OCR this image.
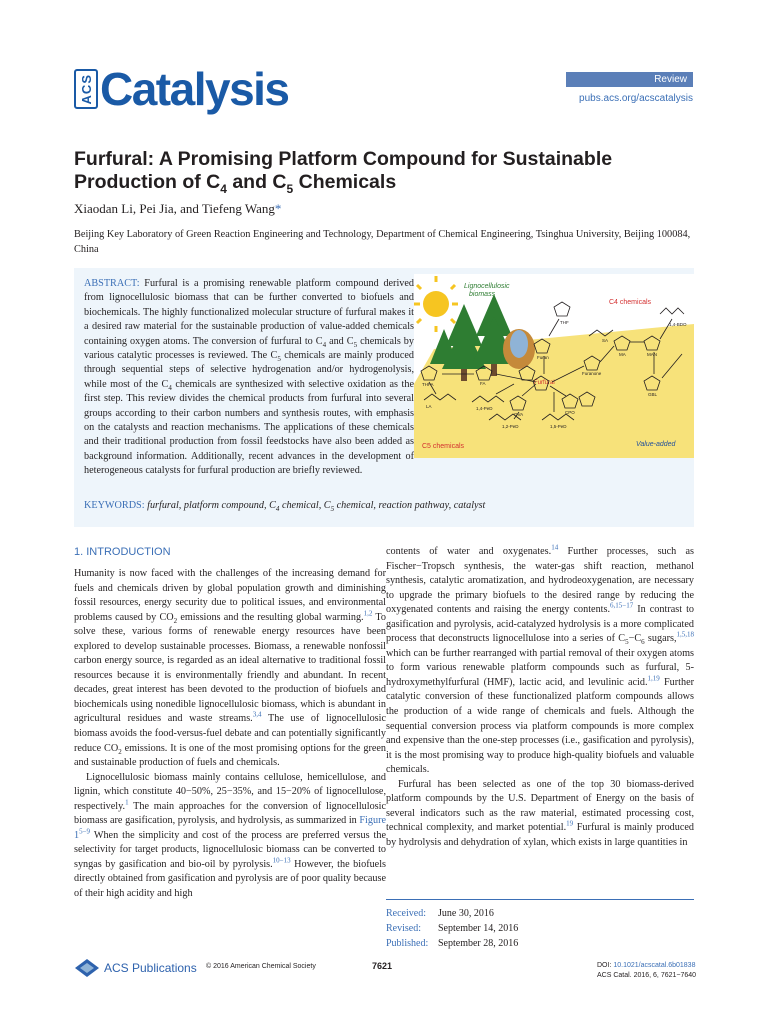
ACS Catalysis	Review
pubs.acs.org/acscatalysis
Furfural: A Promising Platform Compound for Sustainable
Production of $C_4$ and $C_5$ Chemicals
Xiaodan Li, Pei Jia, and Tiefeng Wang*
Beijing Key Laboratory of Green Reaction Engineering and Technology, Department of Chemical Engineering, Tsinghua University, Beijing 100084, China
Lignocellulosic
biomass
C4 chemicals
C5 chemicals	Value-added
Furfural
THF
Furan
SA
MA	MAN
1,4-BDO
GBL
Furanone
THFA	FA
LA
GVA	CPO
1,4-PeD
1,2-PeD	1,5-PeD
ABSTRACT: Furfural is a promising renewable platform compound derived from lignocellulosic biomass that can be further converted to biofuels and biochemicals. The highly functionalized molecular structure of furfural makes it a desired raw material for the sustainable production of value-added chemicals containing oxygen atoms. The conversion of furfural to $C_4$ and $C_5$ chemicals by various catalytic processes is reviewed. The $C_5$ chemicals are mainly produced through sequential steps of selective hydrogenation and/or hydrogenolysis, while most of the $C_4$ chemicals are synthesized with selective oxidation as the first step. This review divides the chemical products from furfural into several groups according to their carbon numbers and synthesis routes, with emphasis on the catalysts and reaction mechanisms. The applications of these chemicals and their traditional production from fossil feedstocks have also been added as background information. Additionally, recent advances in the development of heterogeneous catalysts for furfural production are briefly reviewed.
KEYWORDS: furfural, platform compound, $C_4$ chemical, $C_5$ chemical, reaction pathway, catalyst
1. INTRODUCTION

Humanity is now faced with the challenges of the increasing demand for fuels and chemicals driven by global population growth and diminishing fossil resources, energy security due to political issues, and environmental problems caused by $CO_2$ emissions and the resulting global warming.$^{1,2}$ To solve these, various forms of renewable energy resources have been explored to develop sustainable processes. Biomass, a renewable nonfossil carbon energy source, is regarded as an ideal alternative to traditional fossil resources because it is environmentally friendly and abundant. In recent decades, great interest has been devoted to the production of biofuels and biochemicals using nonedible lignocellulosic biomass, which is abundant in agricultural residues and waste streams.$^{3,4}$ The use of lignocellulosic biomass avoids the food-versus-fuel debate and can potentially significantly reduce $CO_2$ emissions. It is one of the most promising options for the green and sustainable production of fuels and chemicals.

Lignocellulosic biomass mainly contains cellulose, hemicellulose, and lignin, which constitute 40−50%, 25−35%, and 15−20% of lignocellulose, respectively.$^1$ The main approaches for the conversion of lignocellulosic biomass are gasification, pyrolysis, and hydrolysis, as summarized in Figure $1^{5-9}$ When the simplicity and cost of the process are preferred versus the selectivity for target products, lignocellulosic biomass can be converted to syngas by gasification and bio-oil by pyrolysis.$^{10-13}$ However, the biofuels directly obtained from gasification and pyrolysis are of poor quality because of their high acidity and high

contents of water and oxygenates.$^{14}$ Further processes, such as Fischer−Tropsch synthesis, the water-gas shift reaction, methanol synthesis, catalytic aromatization, and hydrodeoxygenation, are necessary to upgrade the primary biofuels to the desired range by reducing the oxygenated contents and raising the energy contents.$^{6,15-17}$ In contrast to gasification and pyrolysis, acid-catalyzed hydrolysis is a more complicated process that deconstructs lignocellulose into a series of $C_5-C_6$ sugars,$^{1,5,18}$ which can be further rearranged with partial removal of their oxygen atoms to form various renewable platform compounds such as furfural, 5-hydroxymethylfurfural (HMF), lactic acid, and levulinic acid.$^{1,19}$ Further catalytic conversion of these functionalized platform compounds allows the production of a wide range of chemicals and fuels. Although the sequential conversion process via platform compounds is more complex and expensive than the one-step processes (i.e., gasification and pyrolysis), it is the most promising way to produce high-quality biofuels and valuable chemicals.

Furfural has been selected as one of the top 30 biomass-derived platform compounds by the U.S. Department of Energy on the basis of several indicators such as the raw material, estimated processing cost, technical complexity, and market potential.$^{19}$ Furfural is mainly produced by hydrolysis and dehydration of xylan, which exists in large quantities in

Received: June 30, 2016
Revised: September 14, 2016
Published: September 28, 2016
ACS Publications © 2016 American Chemical Society	7621	DOI: 10.1021/acscatal.6b01838
ACS Catal. 2016, 6, 7621−7640
